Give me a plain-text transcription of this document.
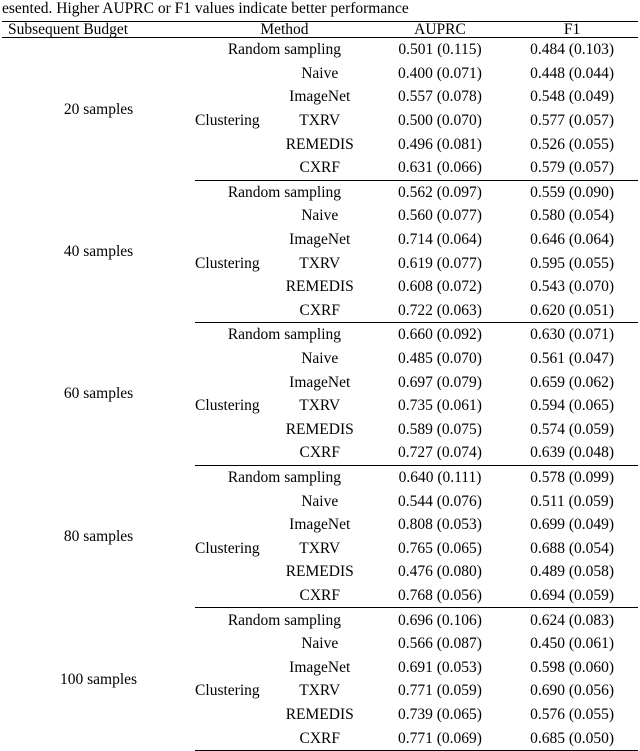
esented. Higher AUPRC or F1 values indicate better performance
Subsequent Budget	Method		AUPRC	F1
20 samples	Random sampling		0.501 (0.115)	0.484 (0.103)
		Naive	0.400 (0.071)	0.448 (0.044)
		ImageNet	0.557 (0.078)	0.548 (0.049)
	Clustering	TXRV	0.500 (0.070)	0.577 (0.057)
		REMEDIS	0.496 (0.081)	0.526 (0.055)
		CXRF	0.631 (0.066)	0.579 (0.057)
40 samples	Random sampling		0.562 (0.097)	0.559 (0.090)
		Naive	0.560 (0.077)	0.580 (0.054)
		ImageNet	0.714 (0.064)	0.646 (0.064)
	Clustering	TXRV	0.619 (0.077)	0.595 (0.055)
		REMEDIS	0.608 (0.072)	0.543 (0.070)
		CXRF	0.722 (0.063)	0.620 (0.051)
60 samples	Random sampling		0.660 (0.092)	0.630 (0.071)
		Naive	0.485 (0.070)	0.561 (0.047)
		ImageNet	0.697 (0.079)	0.659 (0.062)
	Clustering	TXRV	0.735 (0.061)	0.594 (0.065)
		REMEDIS	0.589 (0.075)	0.574 (0.059)
		CXRF	0.727 (0.074)	0.639 (0.048)
80 samples	Random sampling		0.640 (0.111)	0.578 (0.099)
		Naive	0.544 (0.076)	0.511 (0.059)
		ImageNet	0.808 (0.053)	0.699 (0.049)
	Clustering	TXRV	0.765 (0.065)	0.688 (0.054)
		REMEDIS	0.476 (0.080)	0.489 (0.058)
		CXRF	0.768 (0.056)	0.694 (0.059)
100 samples	Random sampling		0.696 (0.106)	0.624 (0.083)
		Naive	0.566 (0.087)	0.450 (0.061)
		ImageNet	0.691 (0.053)	0.598 (0.060)
	Clustering	TXRV	0.771 (0.059)	0.690 (0.056)
		REMEDIS	0.739 (0.065)	0.576 (0.055)
		CXRF	0.771 (0.069)	0.685 (0.050)
